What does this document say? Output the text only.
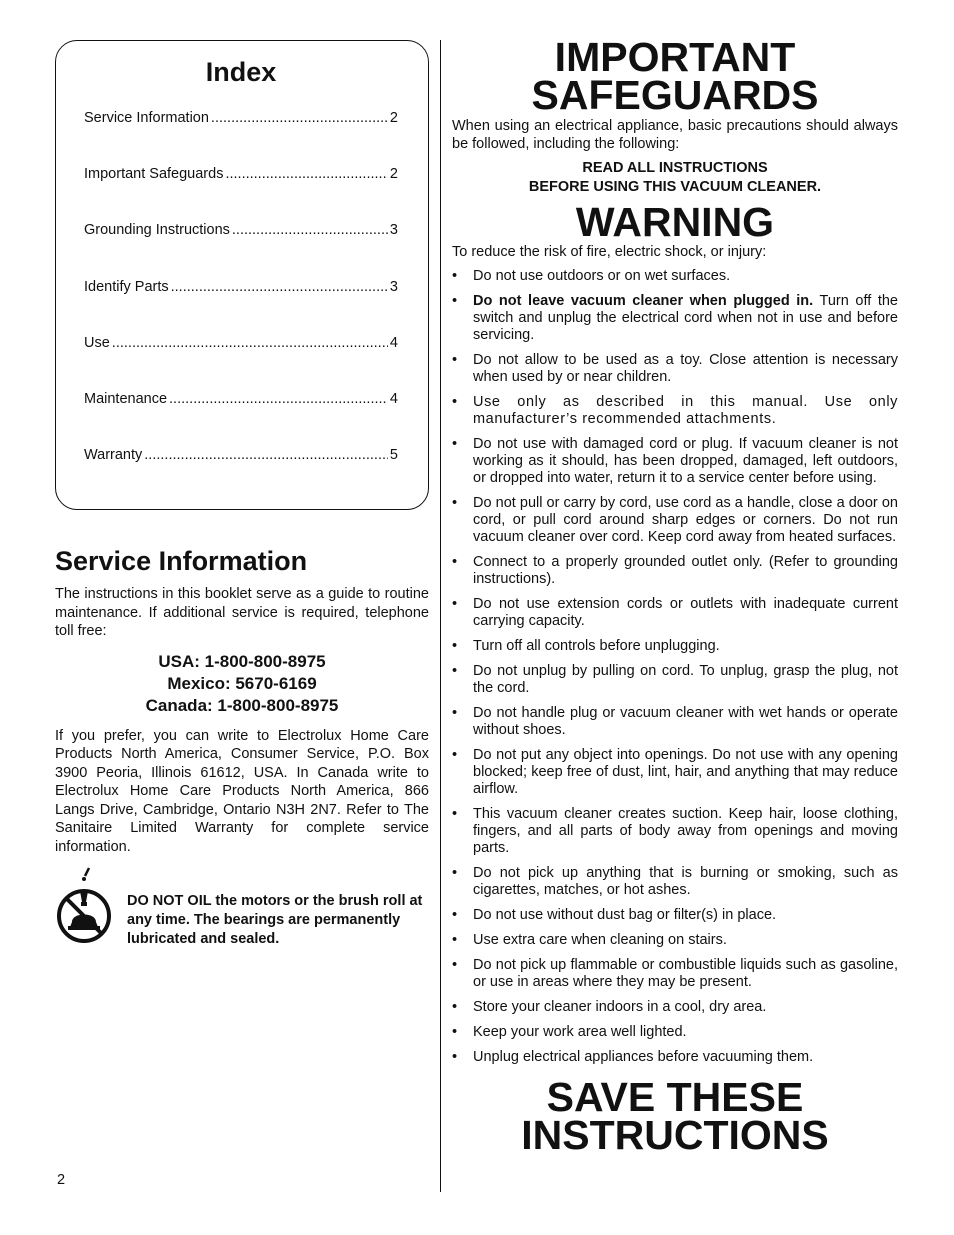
Index
Service Information .....	2
Important Safeguards .....	2
Grounding Instructions .....	3
Identify Parts .....	3
Use .....	4
Maintenance .....	4
Warranty .....	5
Service Information

The instructions in this booklet serve as a guide to routine maintenance. If additional service is required, telephone toll free:

USA: 1-800-800-8975
Mexico: 5670-6169
Canada: 1-800-800-8975

If you prefer, you can write to Electrolux Home Care Products North America, Consumer Service, P.O. Box 3900 Peoria, Illinois 61612, USA. In Canada write to Electrolux Home Care Products North America, 866 Langs Drive, Cambridge, Ontario N3H 2N7. Refer to The Sanitaire Limited Warranty for complete service information.

DO NOT OIL the motors or the brush roll at any time. The bearings are permanently lubricated and sealed.
IMPORTANT
SAFEGUARDS

When using an electrical appliance, basic precautions should always be followed, including the following:

READ ALL INSTRUCTIONS
BEFORE USING THIS VACUUM CLEANER.
WARNING

To reduce the risk of fire, electric shock, or injury:

• Do not use outdoors or on wet surfaces.
• Do not leave vacuum cleaner when plugged in. Turn off the switch and unplug the electrical cord when not in use and before servicing.
• Do not allow to be used as a toy. Close attention is necessary when used by or near children.
• Use only as described in this manual. Use only manufacturer’s recommended attachments.
• Do not use with damaged cord or plug. If vacuum cleaner is not working as it should, has been dropped, damaged, left outdoors, or dropped into water, return it to a service center before using.
• Do not pull or carry by cord, use cord as a handle, close a door on cord, or pull cord around sharp edges or corners. Do not run vacuum cleaner over cord. Keep cord away from heated surfaces.
• Connect to a properly grounded outlet only. (Refer to grounding instructions).
• Do not use extension cords or outlets with inadequate current carrying capacity.
• Turn off all controls before unplugging.
• Do not unplug by pulling on cord. To unplug, grasp the plug, not the cord.
• Do not handle plug or vacuum cleaner with wet hands or operate without shoes.
• Do not put any object into openings. Do not use with any opening blocked; keep free of dust, lint, hair, and anything that may reduce airflow.
• This vacuum cleaner creates suction. Keep hair, loose clothing, fingers, and all parts of body away from openings and moving parts.
• Do not pick up anything that is burning or smoking, such as cigarettes, matches, or hot ashes.
• Do not use without dust bag or filter(s) in place.
• Use extra care when cleaning on stairs.
• Do not pick up flammable or combustible liquids such as gasoline, or use in areas where they may be present.
• Store your cleaner indoors in a cool, dry area.
• Keep your work area well lighted.
• Unplug electrical appliances before vacuuming them.
SAVE THESE
INSTRUCTIONS
2
